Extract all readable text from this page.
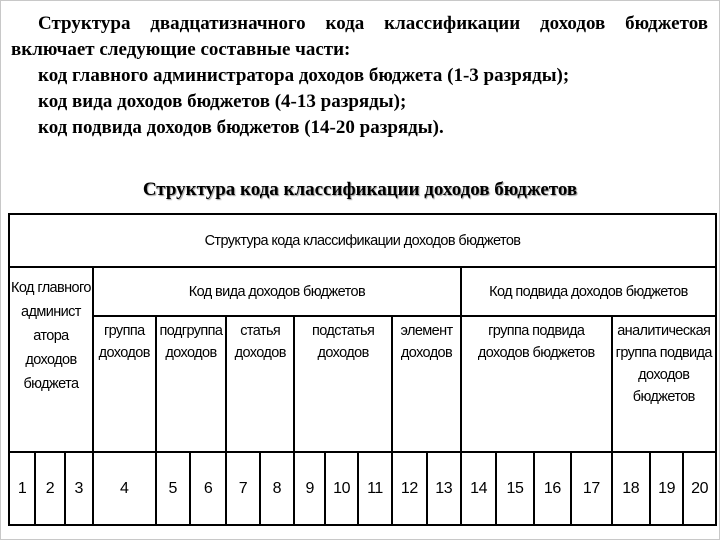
Структура двадцатизначного кода классификации доходов бюджетов включает следующие составные части:

код главного администратора доходов бюджета (1-3 разряды);

код вида доходов бюджетов (4-13 разряды);

код подвида доходов бюджетов (14-20 разряды).

Структура кода классификации доходов бюджетов
Структура кода классификации доходов бюджетов																			
Код главного админист атора доходов бюджета			Код вида доходов бюджетов										Код подвида доходов бюджетов						
			группа доходов	подгруппа доходов		статья доходов		подстатья доходов			элемент доходов		группа подвида доходов бюджетов				аналитическая группа подвида доходов бюджетов		
1	2	3	4	5	6	7	8	9	10	11	12	13	14	15	16	17	18	19	20
